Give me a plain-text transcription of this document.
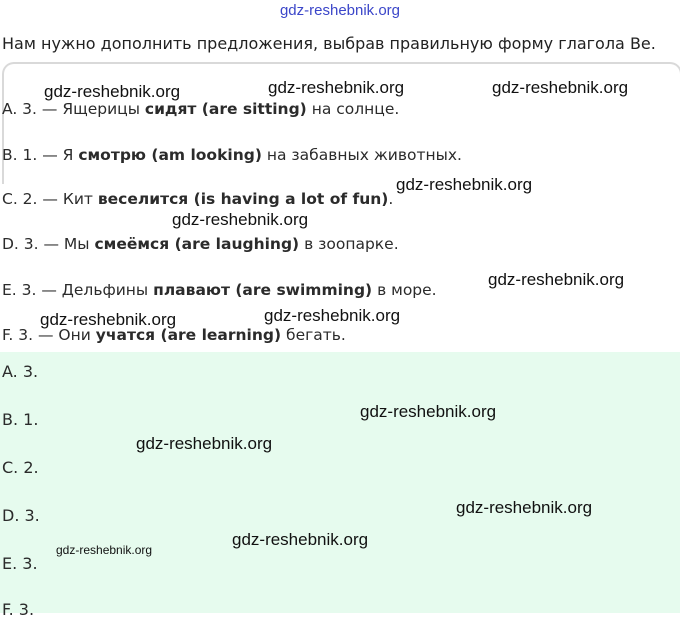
gdz-reshebnik.org
Нам нужно дополнить предложения, выбрав правильную форму глагола Be.
A. 3. — Ящерицы сидят (are sitting) на солнце.
B. 1. — Я смотрю (am looking) на забавных животных.
C. 2. — Кит веселится (is having a lot of fun).
D. 3. — Мы смеёмся (are laughing) в зоопарке.
E. 3. — Дельфины плавают (are swimming) в море.
F. 3. — Они учатся (are learning) бегать.
A. 3.
B. 1.
C. 2.
D. 3.
E. 3.
F. 3.
gdz-reshebnik.org	gdz-reshebnik.org	gdz-reshebnik.org
gdz-reshebnik.org
gdz-reshebnik.org
gdz-reshebnik.org
gdz-reshebnik.org	gdz-reshebnik.org
gdz-reshebnik.org
gdz-reshebnik.org
gdz-reshebnik.org
gdz-reshebnik.org
gdz-reshebnik.org
